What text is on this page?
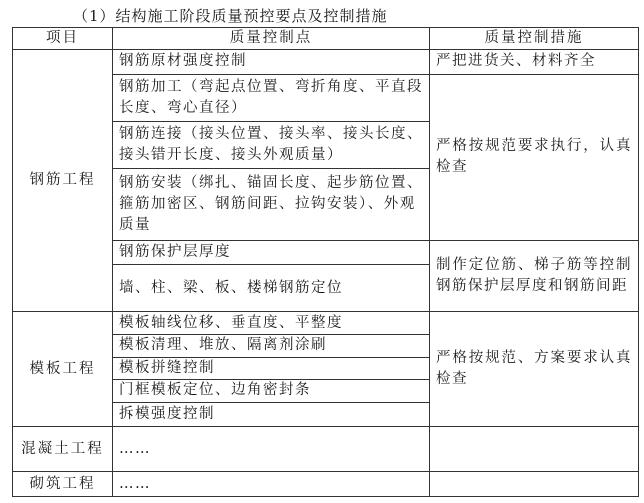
（1）结构施工阶段质量预控要点及控制措施
项目	质量控制点	质量控制措施
钢筋工程	钢筋原材强度控制	严把进货关、材料齐全
	钢筋加工（弯起点位置、弯折角度、平直段长度、弯心直径）	严格按规范要求执行，认真检查
	钢筋连接（接头位置、接头率、接头长度、接头错开长度、接头外观质量）	
	钢筋安装（绑扎、锚固长度、起步筋位置、箍筋加密区、钢筋间距、拉钩安装）、外观质量	
	钢筋保护层厚度	制作定位筋、梯子筋等控制钢筋保护层厚度和钢筋间距
	墙、柱、梁、板、楼梯钢筋定位	
模板工程	模板轴线位移、垂直度、平整度	严格按规范、方案要求认真检查
	模板清理、堆放、隔离剂涂刷	
	模板拼缝控制	
	门框模板定位、边角密封条	
	拆模强度控制	
混凝土工程	……	
砌筑工程	……	
